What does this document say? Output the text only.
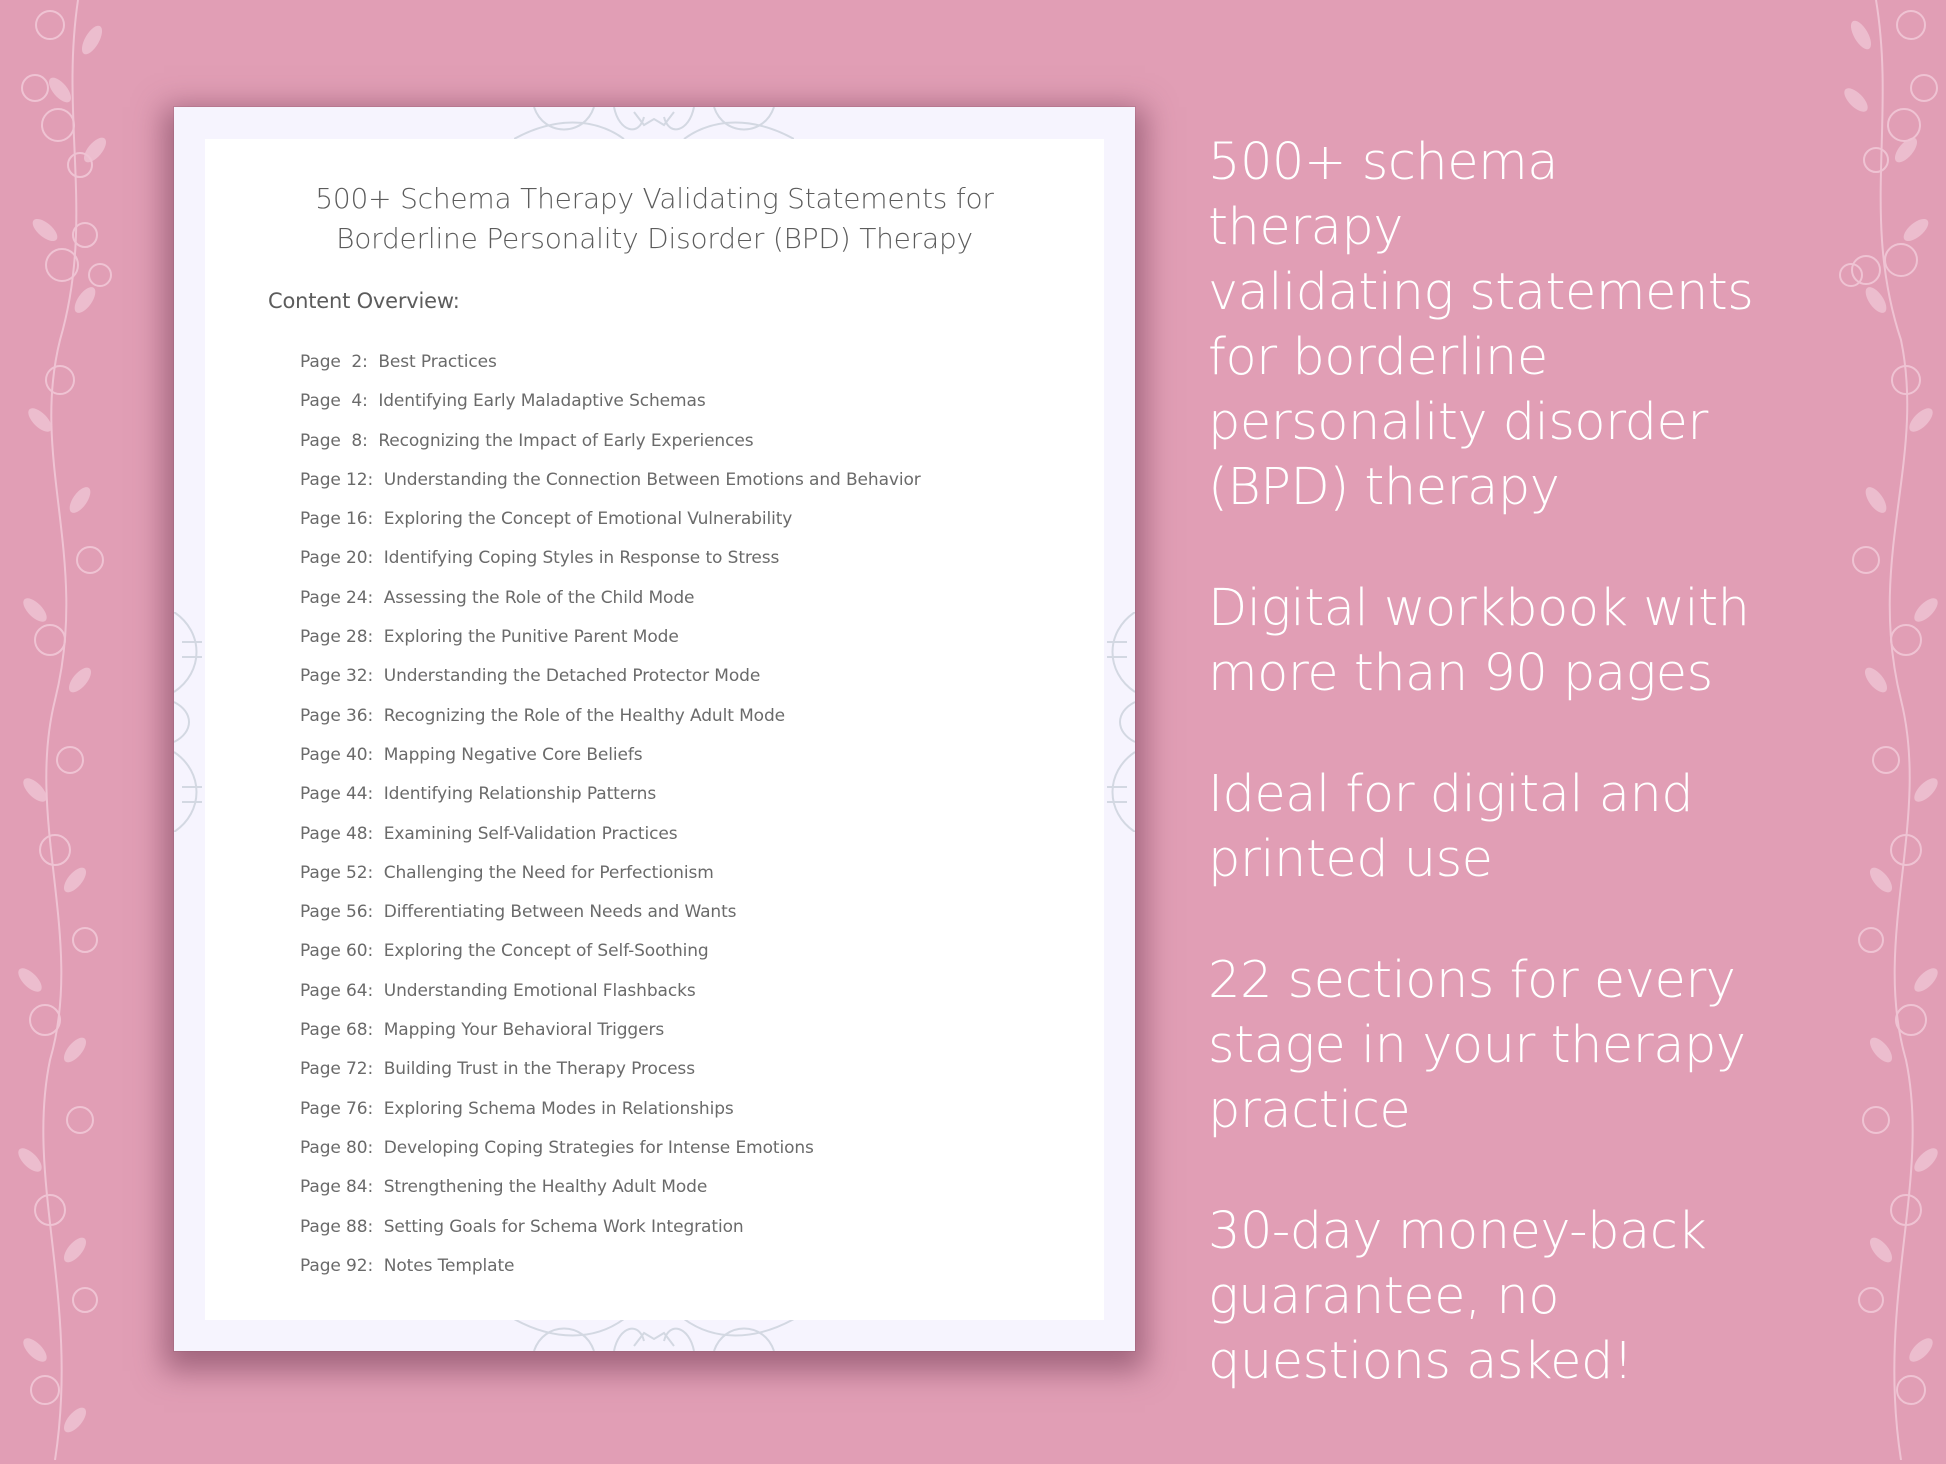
500+ Schema Therapy Validating Statements for
Borderline Personality Disorder (BPD) Therapy
Content Overview:
Page  2: Best Practices
Page  4: Identifying Early Maladaptive Schemas
Page  8: Recognizing the Impact of Early Experiences
Page 12: Understanding the Connection Between Emotions and Behavior
Page 16: Exploring the Concept of Emotional Vulnerability
Page 20: Identifying Coping Styles in Response to Stress
Page 24: Assessing the Role of the Child Mode
Page 28: Exploring the Punitive Parent Mode
Page 32: Understanding the Detached Protector Mode
Page 36: Recognizing the Role of the Healthy Adult Mode
Page 40: Mapping Negative Core Beliefs
Page 44: Identifying Relationship Patterns
Page 48: Examining Self-Validation Practices
Page 52: Challenging the Need for Perfectionism
Page 56: Differentiating Between Needs and Wants
Page 60: Exploring the Concept of Self-Soothing
Page 64: Understanding Emotional Flashbacks
Page 68: Mapping Your Behavioral Triggers
Page 72: Building Trust in the Therapy Process
Page 76: Exploring Schema Modes in Relationships
Page 80: Developing Coping Strategies for Intense Emotions
Page 84: Strengthening the Healthy Adult Mode
Page 88: Setting Goals for Schema Work Integration
Page 92: Notes Template
500+ schema therapy
validating statements
for borderline
personality disorder
(BPD) therapy
Digital workbook with
more than 90 pages
Ideal for digital and
printed use
22 sections for every
stage in your therapy
practice
30-day money-back
guarantee, no
questions asked!
